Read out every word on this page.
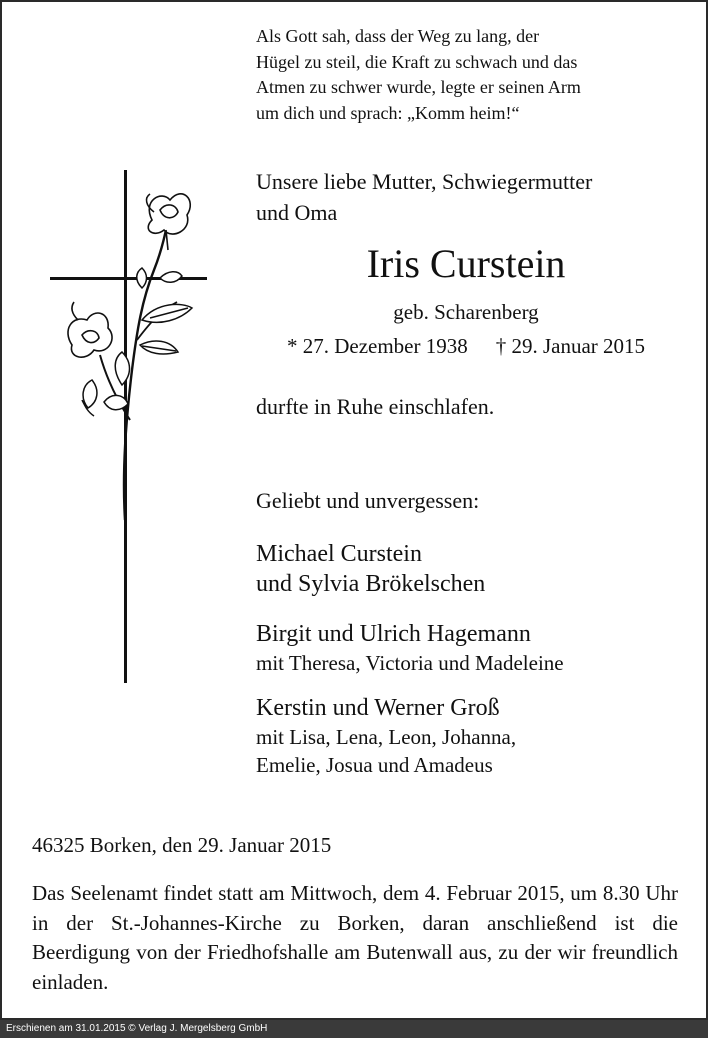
Als Gott sah, dass der Weg zu lang, der
Hügel zu steil, die Kraft zu schwach und das
Atmen zu schwer wurde, legte er seinen Arm
um dich und sprach: „Komm heim!“
Unsere liebe Mutter, Schwiegermutter
und Oma
Iris Curstein
geb. Scharenberg
* 27. Dezember 1938 † 29. Januar 2015
durfte in Ruhe einschlafen.
Geliebt und unvergessen:
Michael Curstein
und Sylvia Brökelschen
Birgit und Ulrich Hagemann
mit Theresa, Victoria und Madeleine
Kerstin und Werner Groß
mit Lisa, Lena, Leon, Johanna,
Emelie, Josua und Amadeus
46325 Borken, den 29. Januar 2015
Das Seelenamt findet statt am Mittwoch, dem 4. Februar 2015, um 8.30 Uhr in der St.-Johannes-Kirche zu Borken, daran anschließend ist die Beerdigung von der Friedhofshalle am Butenwall aus, zu der wir freundlich einladen.
Erschienen am 31.01.2015 © Verlag J. Mergelsberg GmbH
